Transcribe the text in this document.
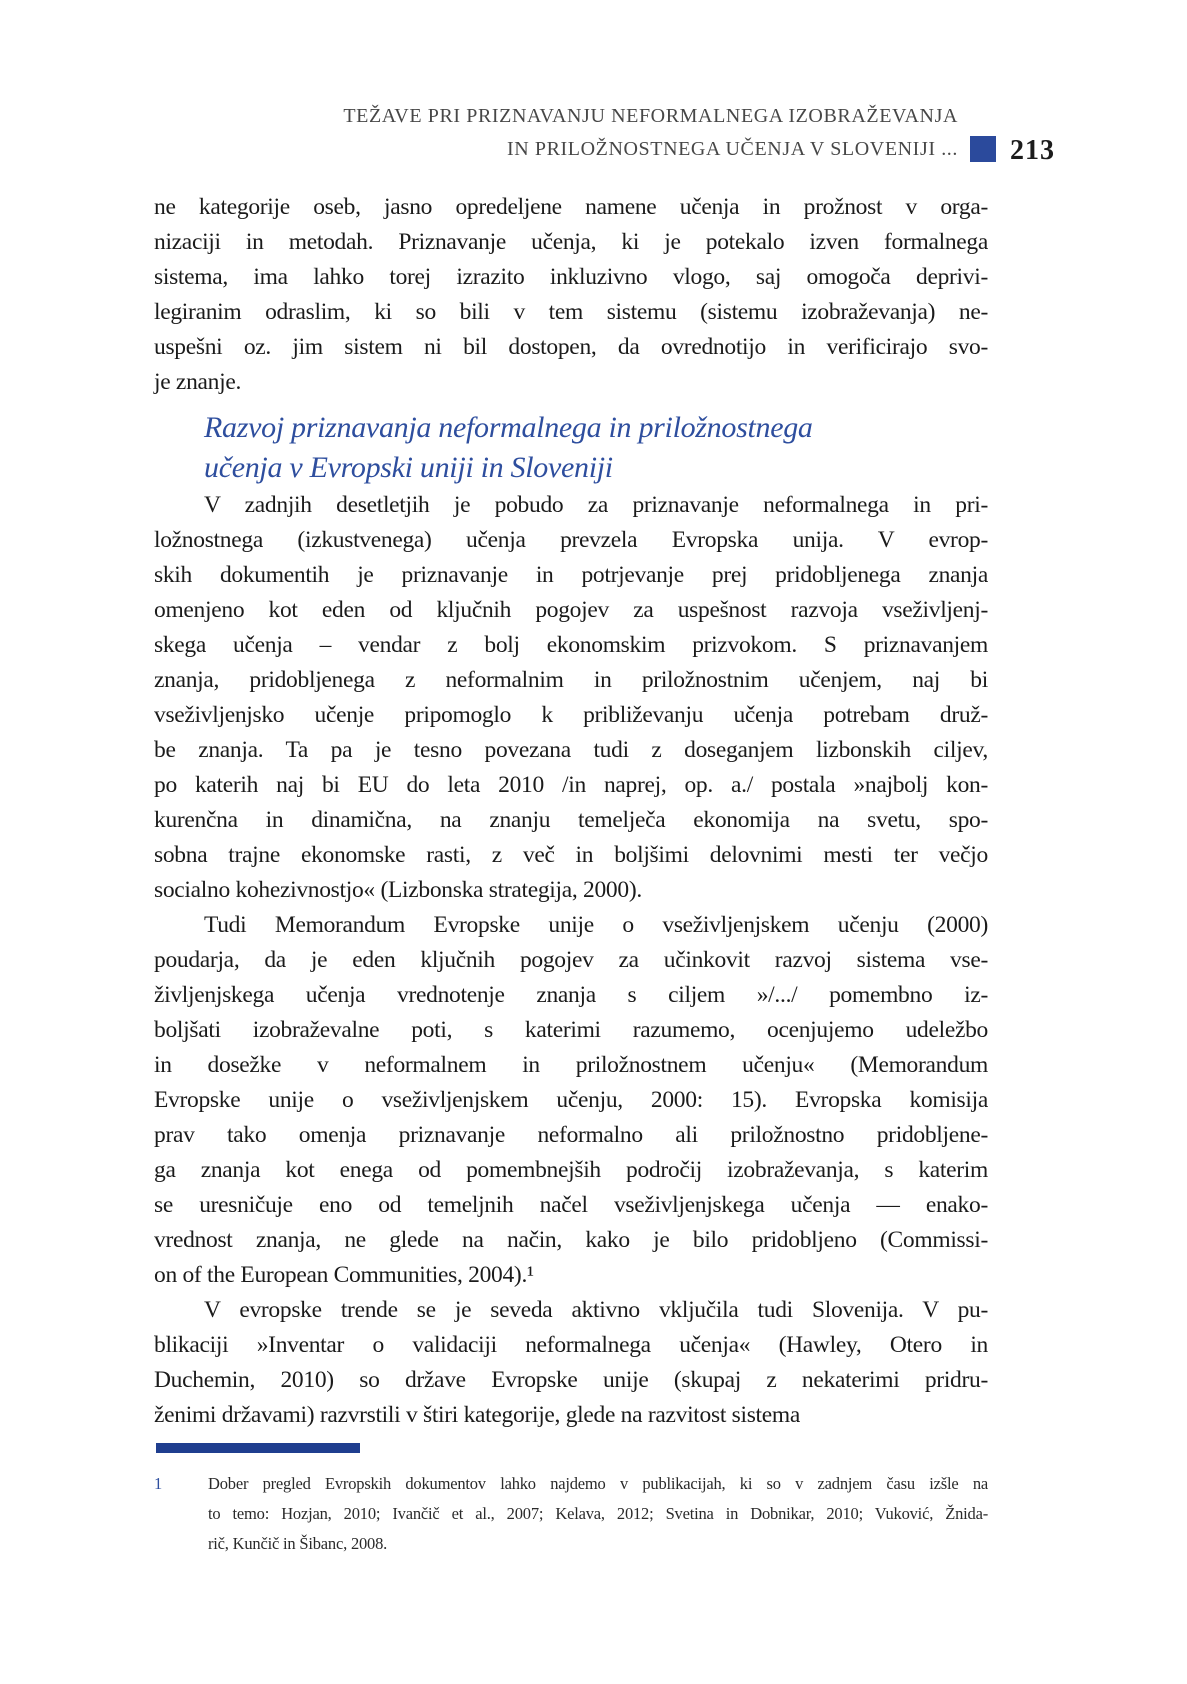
TEŽAVE PRI PRIZNAVANJU NEFORMALNEGA IZOBRAŽEVANJA
IN PRILOŽNOSTNEGA UČENJA V SLOVENIJI ... 213
ne kategorije oseb, jasno opredeljene namene učenja in prožnost v orga-
nizaciji in metodah. Priznavanje učenja, ki je potekalo izven formalnega
sistema, ima lahko torej izrazito inkluzivno vlogo, saj omogoča deprivi-
legiranim odraslim, ki so bili v tem sistemu (sistemu izobraževanja) ne-
uspešni oz. jim sistem ni bil dostopen, da ovrednotijo in verificirajo svo-
je znanje.
Razvoj priznavanja neformalnega in priložnostnega
učenja v Evropski uniji in Sloveniji
V zadnjih desetletjih je pobudo za priznavanje neformalnega in pri-
ložnostnega (izkustvenega) učenja prevzela Evropska unija. V evrop-
skih dokumentih je priznavanje in potrjevanje prej pridobljenega znanja
omenjeno kot eden od ključnih pogojev za uspešnost razvoja vseživljenj-
skega učenja – vendar z bolj ekonomskim prizvokom. S priznavanjem
znanja, pridobljenega z neformalnim in priložnostnim učenjem, naj bi
vseživljenjsko učenje pripomoglo k približevanju učenja potrebam druž-
be znanja. Ta pa je tesno povezana tudi z doseganjem lizbonskih ciljev,
po katerih naj bi EU do leta 2010 /in naprej, op. a./ postala »najbolj kon-
kurenčna in dinamična, na znanju temelječa ekonomija na svetu, spo-
sobna trajne ekonomske rasti, z več in boljšimi delovnimi mesti ter večjo
socialno kohezivnostjo« (Lizbonska strategija, 2000).
Tudi Memorandum Evropske unije o vseživljenjskem učenju (2000)
poudarja, da je eden ključnih pogojev za učinkovit razvoj sistema vse-
življenjskega učenja vrednotenje znanja s ciljem »/.../ pomembno iz-
boljšati izobraževalne poti, s katerimi razumemo, ocenjujemo udeležbo
in dosežke v neformalnem in priložnostnem učenju« (Memorandum
Evropske unije o vseživljenjskem učenju, 2000: 15). Evropska komisija
prav tako omenja priznavanje neformalno ali priložnostno pridobljene-
ga znanja kot enega od pomembnejših področij izobraževanja, s katerim
se uresničuje eno od temeljnih načel vseživljenjskega učenja — enako-
vrednost znanja, ne glede na način, kako je bilo pridobljeno (Commissi-
on of the European Communities, 2004).¹
V evropske trende se je seveda aktivno vključila tudi Slovenija. V pu-
blikaciji »Inventar o validaciji neformalnega učenja« (Hawley, Otero in
Duchemin, 2010) so države Evropske unije (skupaj z nekaterimi pridru-
ženimi državami) razvrstili v štiri kategorije, glede na razvitost sistema
1	Dober pregled Evropskih dokumentov lahko najdemo v publikacijah, ki so v zadnjem času izšle na
to temo: Hozjan, 2010; Ivančič et al., 2007; Kelava, 2012; Svetina in Dobnikar, 2010; Vuković, Žnida-
rič, Kunčič in Šibanc, 2008.
